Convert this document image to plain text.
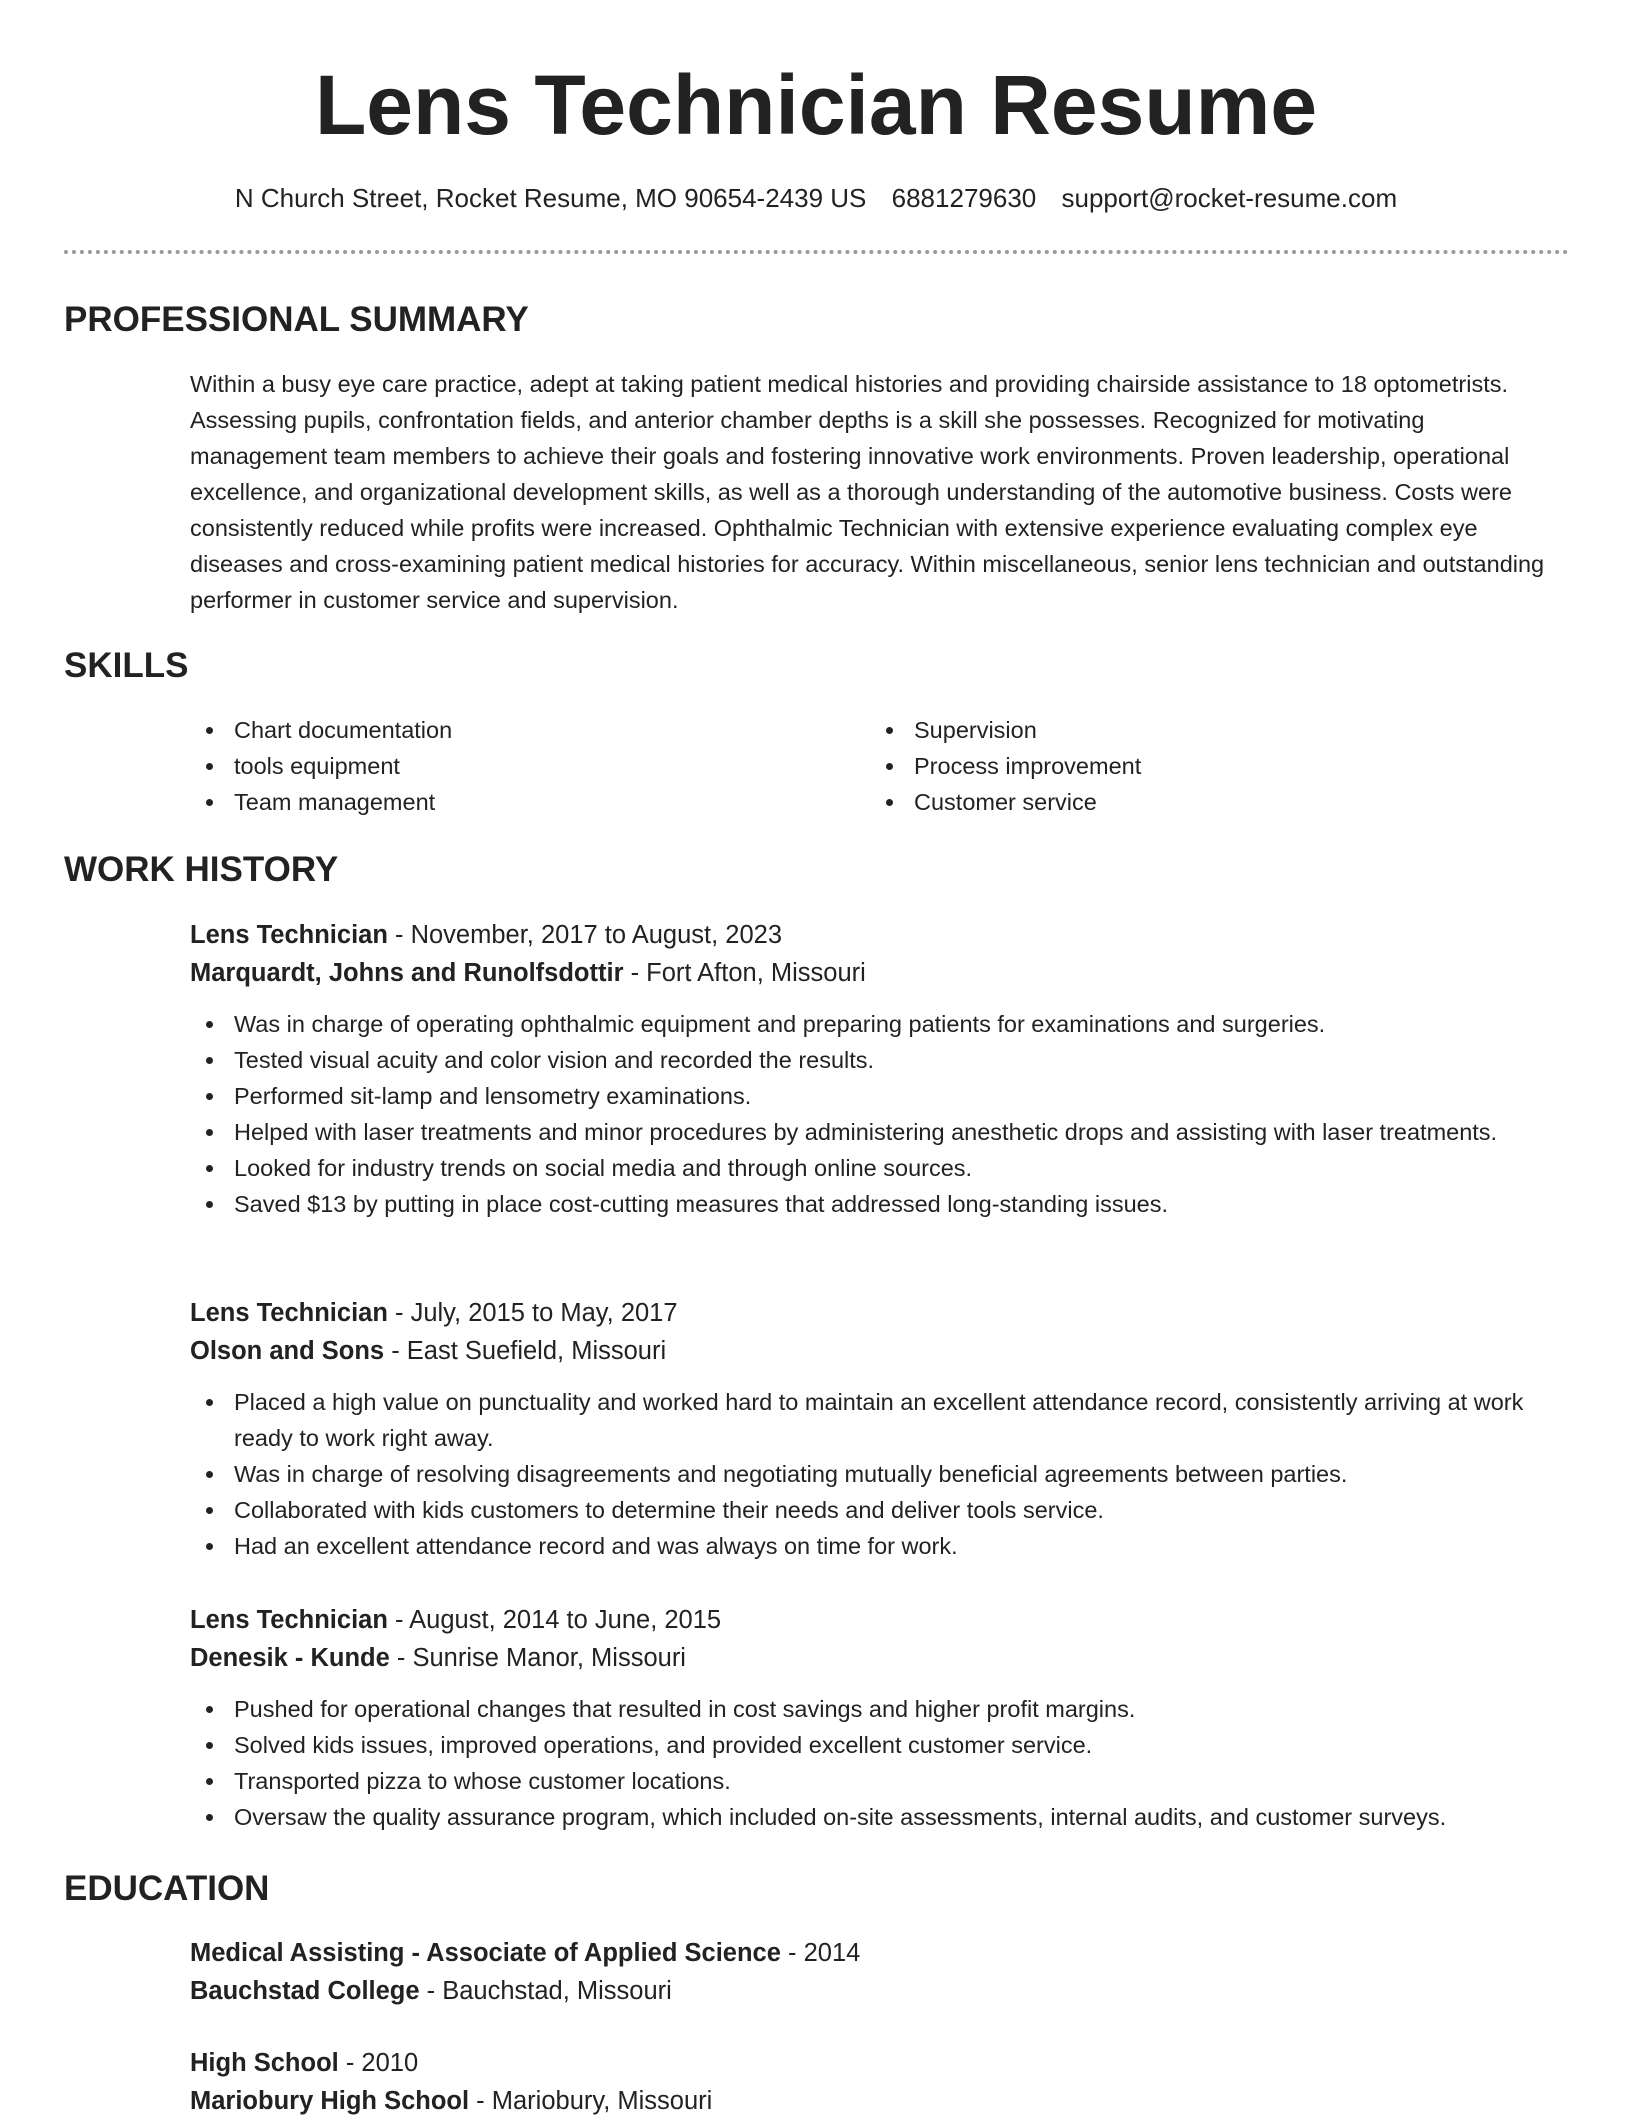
Lens Technician Resume
N Church Street, Rocket Resume, MO 90654-2439 US 6881279630 support@rocket-resume.com
PROFESSIONAL SUMMARY

Within a busy eye care practice, adept at taking patient medical histories and providing chairside assistance to 18 optometrists. Assessing pupils, confrontation fields, and anterior chamber depths is a skill she possesses. Recognized for motivating management team members to achieve their goals and fostering innovative work environments. Proven leadership, operational excellence, and organizational development skills, as well as a thorough understanding of the automotive business. Costs were consistently reduced while profits were increased. Ophthalmic Technician with extensive experience evaluating complex eye diseases and cross-examining patient medical histories for accuracy. Within miscellaneous, senior lens technician and outstanding performer in customer service and supervision.

SKILLS
Chart documentation
tools equipment
Team management
Supervision
Process improvement
Customer service
WORK HISTORY
Lens Technician - November, 2017 to August, 2023
Marquardt, Johns and Runolfsdottir - Fort Afton, Missouri
Was in charge of operating ophthalmic equipment and preparing patients for examinations and surgeries.
Tested visual acuity and color vision and recorded the results.
Performed sit-lamp and lensometry examinations.
Helped with laser treatments and minor procedures by administering anesthetic drops and assisting with laser treatments.
Looked for industry trends on social media and through online sources.
Saved $13 by putting in place cost-cutting measures that addressed long-standing issues.
Lens Technician - July, 2015 to May, 2017
Olson and Sons - East Suefield, Missouri
Placed a high value on punctuality and worked hard to maintain an excellent attendance record, consistently arriving at work ready to work right away.
Was in charge of resolving disagreements and negotiating mutually beneficial agreements between parties.
Collaborated with kids customers to determine their needs and deliver tools service.
Had an excellent attendance record and was always on time for work.
Lens Technician - August, 2014 to June, 2015
Denesik - Kunde - Sunrise Manor, Missouri
Pushed for operational changes that resulted in cost savings and higher profit margins.
Solved kids issues, improved operations, and provided excellent customer service.
Transported pizza to whose customer locations.
Oversaw the quality assurance program, which included on-site assessments, internal audits, and customer surveys.
EDUCATION
Medical Assisting - Associate of Applied Science - 2014
Bauchstad College - Bauchstad, Missouri
High School - 2010
Mariobury High School - Mariobury, Missouri
